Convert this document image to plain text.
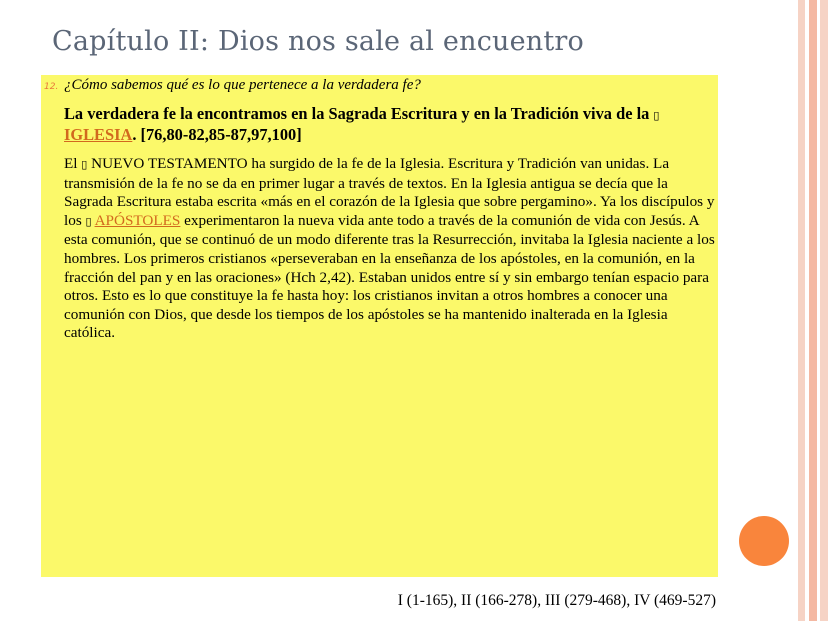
Capítulo II: Dios nos sale al encuentro
12. ¿Cómo sabemos qué es lo que pertenece a la verdadera fe?
La verdadera fe la encontramos en la Sagrada Escritura y en la Tradición viva de la ▯ IGLESIA. [76,80-82,85-87,97,100]
El ▯ NUEVO TESTAMENTO ha surgido de la fe de la Iglesia. Escritura y Tradición van unidas. La transmisión de la fe no se da en primer lugar a través de textos. En la Iglesia antigua se decía que la Sagrada Escritura estaba escrita «más en el corazón de la Iglesia que sobre pergamino». Ya los discípulos y los ▯ APÓSTOLES experimentaron la nueva vida ante todo a través de la comunión de vida con Jesús. A esta comunión, que se continuó de un modo diferente tras la Resurrección, invitaba la Iglesia naciente a los hombres. Los primeros cristianos «perseveraban en la enseñanza de los apóstoles, en la comunión, en la fracción del pan y en las oraciones» (Hch 2,42). Estaban unidos entre sí y sin embargo tenían espacio para otros. Esto es lo que constituye la fe hasta hoy: los cristianos invitan a otros hombres a conocer una comunión con Dios, que desde los tiempos de los apóstoles se ha mantenido inalterada en la Iglesia católica.
I (1-165), II (166-278), III (279-468), IV (469-527)
